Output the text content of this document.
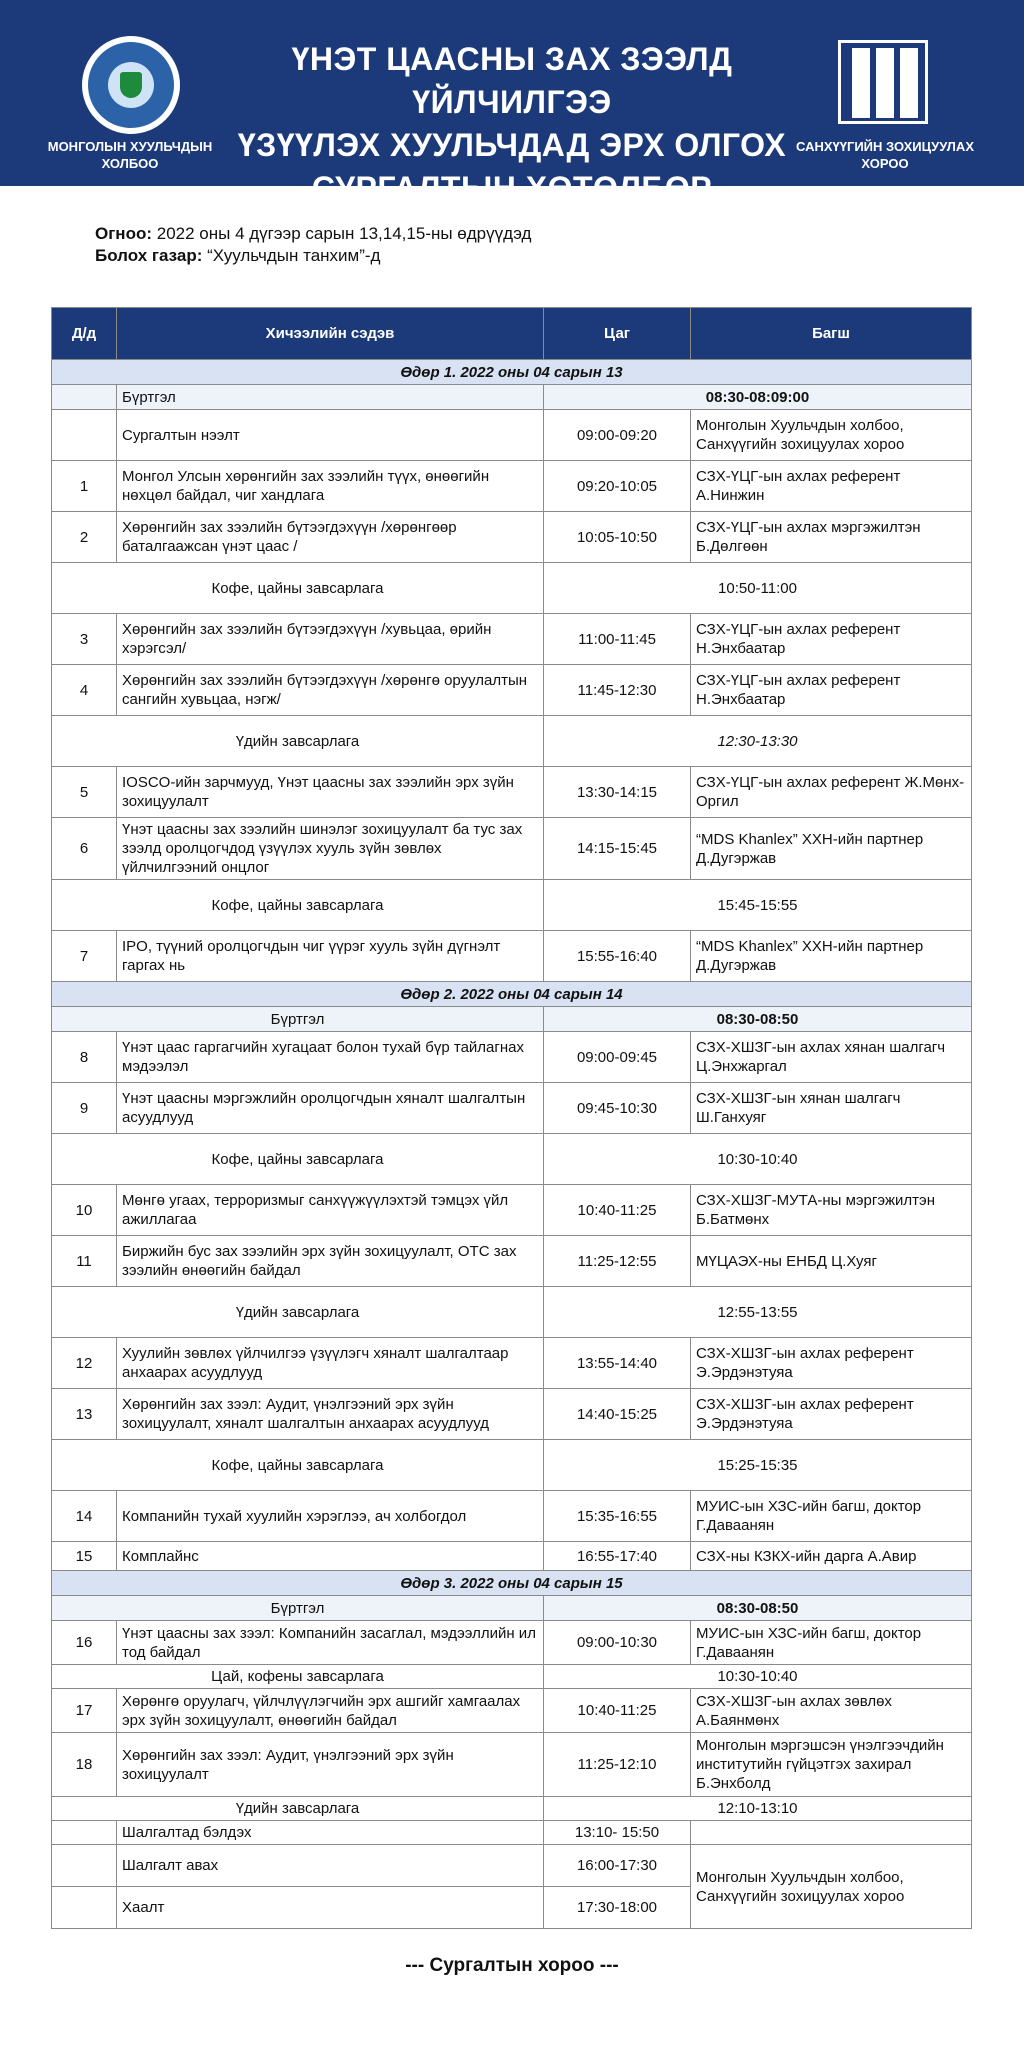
МОНГОЛЫН ХУУЛЬЧДЫН
ХОЛБОО
ҮНЭТ ЦААСНЫ ЗАХ ЗЭЭЛД ҮЙЛЧИЛГЭЭ
ҮЗҮҮЛЭХ ХУУЛЬЧДАД ЭРХ ОЛГОХ
СУРГАЛТЫН ХӨТӨЛБӨР
САНХҮҮГИЙН ЗОХИЦУУЛАХ
ХОРОО
Огноо: 2022 оны 4 дүгээр сарын 13,14,15-ны өдрүүдэд
Болох газар: “Хуульчдын танхим”-д
Д/д	Хичээлийн сэдэв	Цаг	Багш
Өдөр 1. 2022 оны 04 сарын 13			
	Бүртгэл	08:30-08:09:00	
	Сургалтын нээлт	09:00-09:20	Монголын Хуульчдын холбоо, Санхүүгийн зохицуулах хороо
1	Монгол Улсын хөрөнгийн зах зээлийн түүх, өнөөгийн нөхцөл байдал, чиг хандлага	09:20-10:05	СЗХ-ҮЦГ-ын ахлах референт А.Нинжин
2	Хөрөнгийн зах зээлийн бүтээгдэхүүн /хөрөнгөөр баталгаажсан үнэт цаас /	10:05-10:50	СЗХ-ҮЦГ-ын ахлах мэргэжилтэн Б.Дөлгөөн
Кофе, цайны завсарлага		10:50-11:00	
3	Хөрөнгийн зах зээлийн бүтээгдэхүүн /хувьцаа, өрийн хэрэгсэл/	11:00-11:45	СЗХ-ҮЦГ-ын ахлах референт Н.Энхбаатар
4	Хөрөнгийн зах зээлийн бүтээгдэхүүн /хөрөнгө оруулалтын сангийн хувьцаа, нэгж/	11:45-12:30	СЗХ-ҮЦГ-ын ахлах референт Н.Энхбаатар
Үдийн завсарлага		12:30-13:30	
5	IOSCO-ийн зарчмууд, Үнэт цаасны зах зээлийн эрх зүйн зохицуулалт	13:30-14:15	СЗХ-ҮЦГ-ын ахлах референт Ж.Мөнх-Оргил
6	Үнэт цаасны зах зээлийн шинэлэг зохицуулалт ба тус зах зээлд оролцогчдод үзүүлэх хууль зүйн зөвлөх үйлчилгээний онцлог	14:15-15:45	“MDS Khanlex” ХХН-ийн партнер Д.Дугэржав
Кофе, цайны завсарлага		15:45-15:55	
7	IPO, түүний оролцогчдын чиг үүрэг хууль зүйн дүгнэлт гаргах нь	15:55-16:40	“MDS Khanlex” ХХН-ийн партнер Д.Дугэржав
Өдөр 2. 2022 оны 04 сарын 14			
Бүртгэл		08:30-08:50	
8	Үнэт цаас гаргагчийн хугацаат болон тухай бүр тайлагнах мэдээлэл	09:00-09:45	СЗХ-ХШЗГ-ын ахлах хянан шалгагч Ц.Энхжаргал
9	Үнэт цаасны мэргэжлийн оролцогчдын хяналт шалгалтын асуудлууд	09:45-10:30	СЗХ-ХШЗГ-ын хянан шалгагч Ш.Ганхуяг
Кофе, цайны завсарлага		10:30-10:40	
10	Мөнгө угаах, терроризмыг санхүүжүүлэхтэй тэмцэх үйл ажиллагаа	10:40-11:25	СЗХ-ХШЗГ-МУТА-ны мэргэжилтэн Б.Батмөнх
11	Биржийн бус зах зээлийн эрх зүйн зохицуулалт, OTC зах зээлийн өнөөгийн байдал	11:25-12:55	МҮЦАЭХ-ны ЕНБД Ц.Хуяг
Үдийн завсарлага		12:55-13:55	
12	Хуулийн зөвлөх үйлчилгээ үзүүлэгч хяналт шалгалтаар анхаарах асуудлууд	13:55-14:40	СЗХ-ХШЗГ-ын ахлах референт Э.Эрдэнэтуяа
13	Хөрөнгийн зах зээл: Аудит, үнэлгээний эрх зүйн зохицуулалт, хяналт шалгалтын анхаарах асуудлууд	14:40-15:25	СЗХ-ХШЗГ-ын ахлах референт Э.Эрдэнэтуяа
Кофе, цайны завсарлага		15:25-15:35	
14	Компанийн тухай хуулийн хэрэглээ, ач холбогдол	15:35-16:55	МУИС-ын ХЗС-ийн багш, доктор Г.Даваанян
15	Комплайнс	16:55-17:40	СЗХ-ны КЗКХ-ийн дарга А.Авир
Өдөр 3. 2022 оны 04 сарын 15			
Бүртгэл		08:30-08:50	
16	Үнэт цаасны зах зээл: Компанийн засаглал, мэдээллийн ил тод байдал	09:00-10:30	МУИС-ын ХЗС-ийн багш, доктор Г.Даваанян
Цай, кофены завсарлага		10:30-10:40	
17	Хөрөнгө оруулагч, үйлчлүүлэгчийн эрх ашгийг хамгаалах эрх зүйн зохицуулалт, өнөөгийн байдал	10:40-11:25	СЗХ-ХШЗГ-ын ахлах зөвлөх А.Баянмөнх
18	Хөрөнгийн зах зээл: Аудит, үнэлгээний эрх зүйн зохицуулалт	11:25-12:10	Монголын мэргэшсэн үнэлгээчдийн институтийн гүйцэтгэх захирал Б.Энхболд
Үдийн завсарлага		12:10-13:10	
	Шалгалтад бэлдэх	13:10- 15:50	
	Шалгалт авах	16:00-17:30	Монголын Хуульчдын холбоо, Санхүүгийн зохицуулах хороо
	Хаалт	17:30-18:00	
--- Сургалтын хороо ---
